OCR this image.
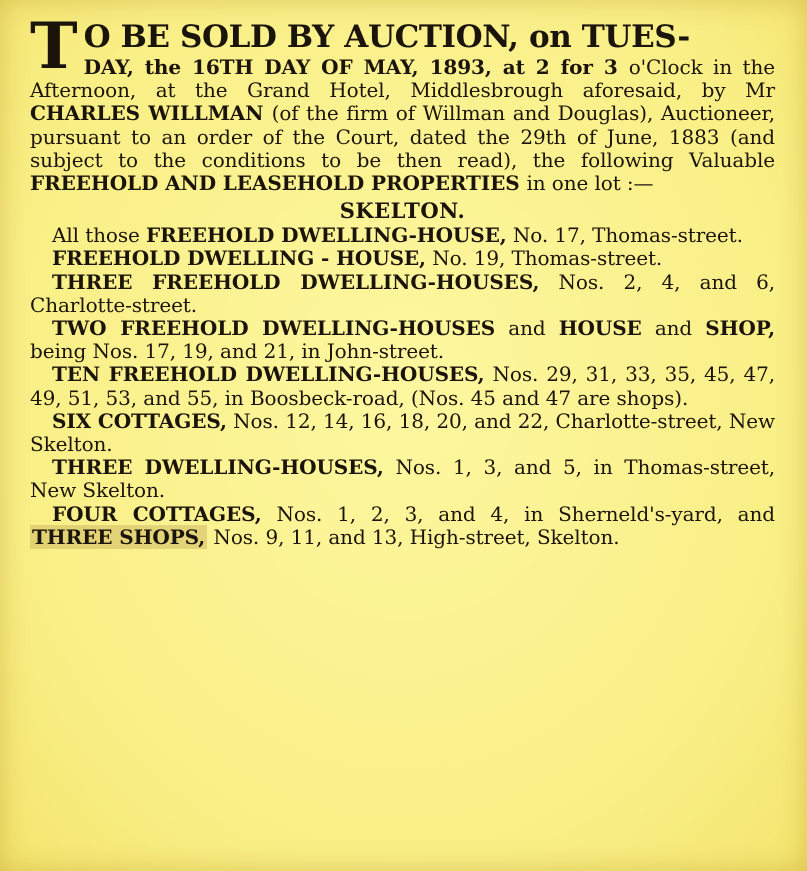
T O BE SOLD BY AUCTION, on TUES-

DAY, the 16TH DAY OF MAY, 1893, at 2 for 3 o'Clock in the Afternoon, at the Grand Hotel, Middlesbrough aforesaid, by Mr CHARLES WILLMAN (of the firm of Willman and Douglas), Auctioneer, pursuant to an order of the Court, dated the 29th of June, 1883 (and subject to the conditions to be then read), the following Valuable FREEHOLD AND LEASEHOLD PROPERTIES in one lot :—

SKELTON.

All those FREEHOLD DWELLING-HOUSE, No. 17, Thomas-street.

FREEHOLD DWELLING - HOUSE, No. 19, Thomas-street.

THREE FREEHOLD DWELLING-HOUSES, Nos. 2, 4, and 6, Charlotte-street.

TWO FREEHOLD DWELLING-HOUSES and HOUSE and SHOP, being Nos. 17, 19, and 21, in John-street.

TEN FREEHOLD DWELLING-HOUSES, Nos. 29, 31, 33, 35, 45, 47, 49, 51, 53, and 55, in Boosbeck-road, (Nos. 45 and 47 are shops).

SIX COTTAGES, Nos. 12, 14, 16, 18, 20, and 22, Charlotte-street, New Skelton.

THREE DWELLING-HOUSES, Nos. 1, 3, and 5, in Thomas-street, New Skelton.

FOUR COTTAGES, Nos. 1, 2, 3, and 4, in Sherneld's-yard, and THREE SHOPS, Nos. 9, 11, and 13, High-street, Skelton.
